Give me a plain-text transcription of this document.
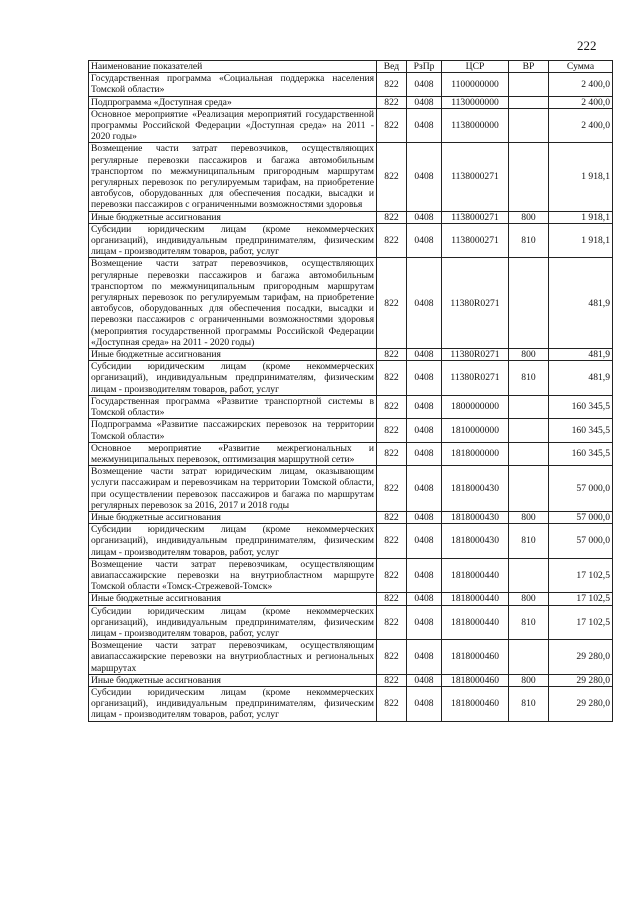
222
Наименование показателей	Вед	РзПр	ЦСР	ВР	Сумма
Государственная программа «Социальная поддержка населения Томской области»	822	0408	1100000000		2 400,0
Подпрограмма «Доступная среда»	822	0408	1130000000		2 400,0
Основное мероприятие «Реализация мероприятий государственной программы Российской Федерации «Доступная среда» на 2011 - 2020 годы»	822	0408	1138000000		2 400,0
Возмещение части затрат перевозчиков, осуществляющих регулярные перевозки пассажиров и багажа автомобильным транспортом по межмуниципальным пригородным маршрутам регулярных перевозок по регулируемым тарифам, на приобретение автобусов, оборудованных для обеспечения посадки, высадки и перевозки пассажиров с ограниченными возможностями здоровья	822	0408	1138000271		1 918,1
Иные бюджетные ассигнования	822	0408	1138000271	800	1 918,1
Субсидии юридическим лицам (кроме некоммерческих организаций), индивидуальным предпринимателям, физическим лицам - производителям товаров, работ, услуг	822	0408	1138000271	810	1 918,1
Возмещение части затрат перевозчиков, осуществляющих регулярные перевозки пассажиров и багажа автомобильным транспортом по межмуниципальным пригородным маршрутам регулярных перевозок по регулируемым тарифам, на приобретение автобусов, оборудованных для обеспечения посадки, высадки и перевозки пассажиров с ограниченными возможностями здоровья (мероприятия государственной программы Российской Федерации «Доступная среда» на 2011 - 2020 годы)	822	0408	11380R0271		481,9
Иные бюджетные ассигнования	822	0408	11380R0271	800	481,9
Субсидии юридическим лицам (кроме некоммерческих организаций), индивидуальным предпринимателям, физическим лицам - производителям товаров, работ, услуг	822	0408	11380R0271	810	481,9
Государственная программа «Развитие транспортной системы в Томской области»	822	0408	1800000000		160 345,5
Подпрограмма «Развитие пассажирских перевозок на территории Томской области»	822	0408	1810000000		160 345,5
Основное мероприятие «Развитие межрегиональных и межмуниципальных перевозок, оптимизация маршрутной сети»	822	0408	1818000000		160 345,5
Возмещение части затрат юридическим лицам, оказывающим услуги пассажирам и перевозчикам на территории Томской области, при осуществлении перевозок пассажиров и багажа по маршрутам регулярных перевозок за 2016, 2017 и 2018 годы	822	0408	1818000430		57 000,0
Иные бюджетные ассигнования	822	0408	1818000430	800	57 000,0
Субсидии юридическим лицам (кроме некоммерческих организаций), индивидуальным предпринимателям, физическим лицам - производителям товаров, работ, услуг	822	0408	1818000430	810	57 000,0
Возмещение части затрат перевозчикам, осуществляющим авиапассажирские перевозки на внутриобластном маршруте Томской области «Томск-Стрежевой-Томск»	822	0408	1818000440		17 102,5
Иные бюджетные ассигнования	822	0408	1818000440	800	17 102,5
Субсидии юридическим лицам (кроме некоммерческих организаций), индивидуальным предпринимателям, физическим лицам - производителям товаров, работ, услуг	822	0408	1818000440	810	17 102,5
Возмещение части затрат перевозчикам, осуществляющим авиапассажирские перевозки на внутриобластных и региональных маршрутах	822	0408	1818000460		29 280,0
Иные бюджетные ассигнования	822	0408	1818000460	800	29 280,0
Субсидии юридическим лицам (кроме некоммерческих организаций), индивидуальным предпринимателям, физическим лицам - производителям товаров, работ, услуг	822	0408	1818000460	810	29 280,0
